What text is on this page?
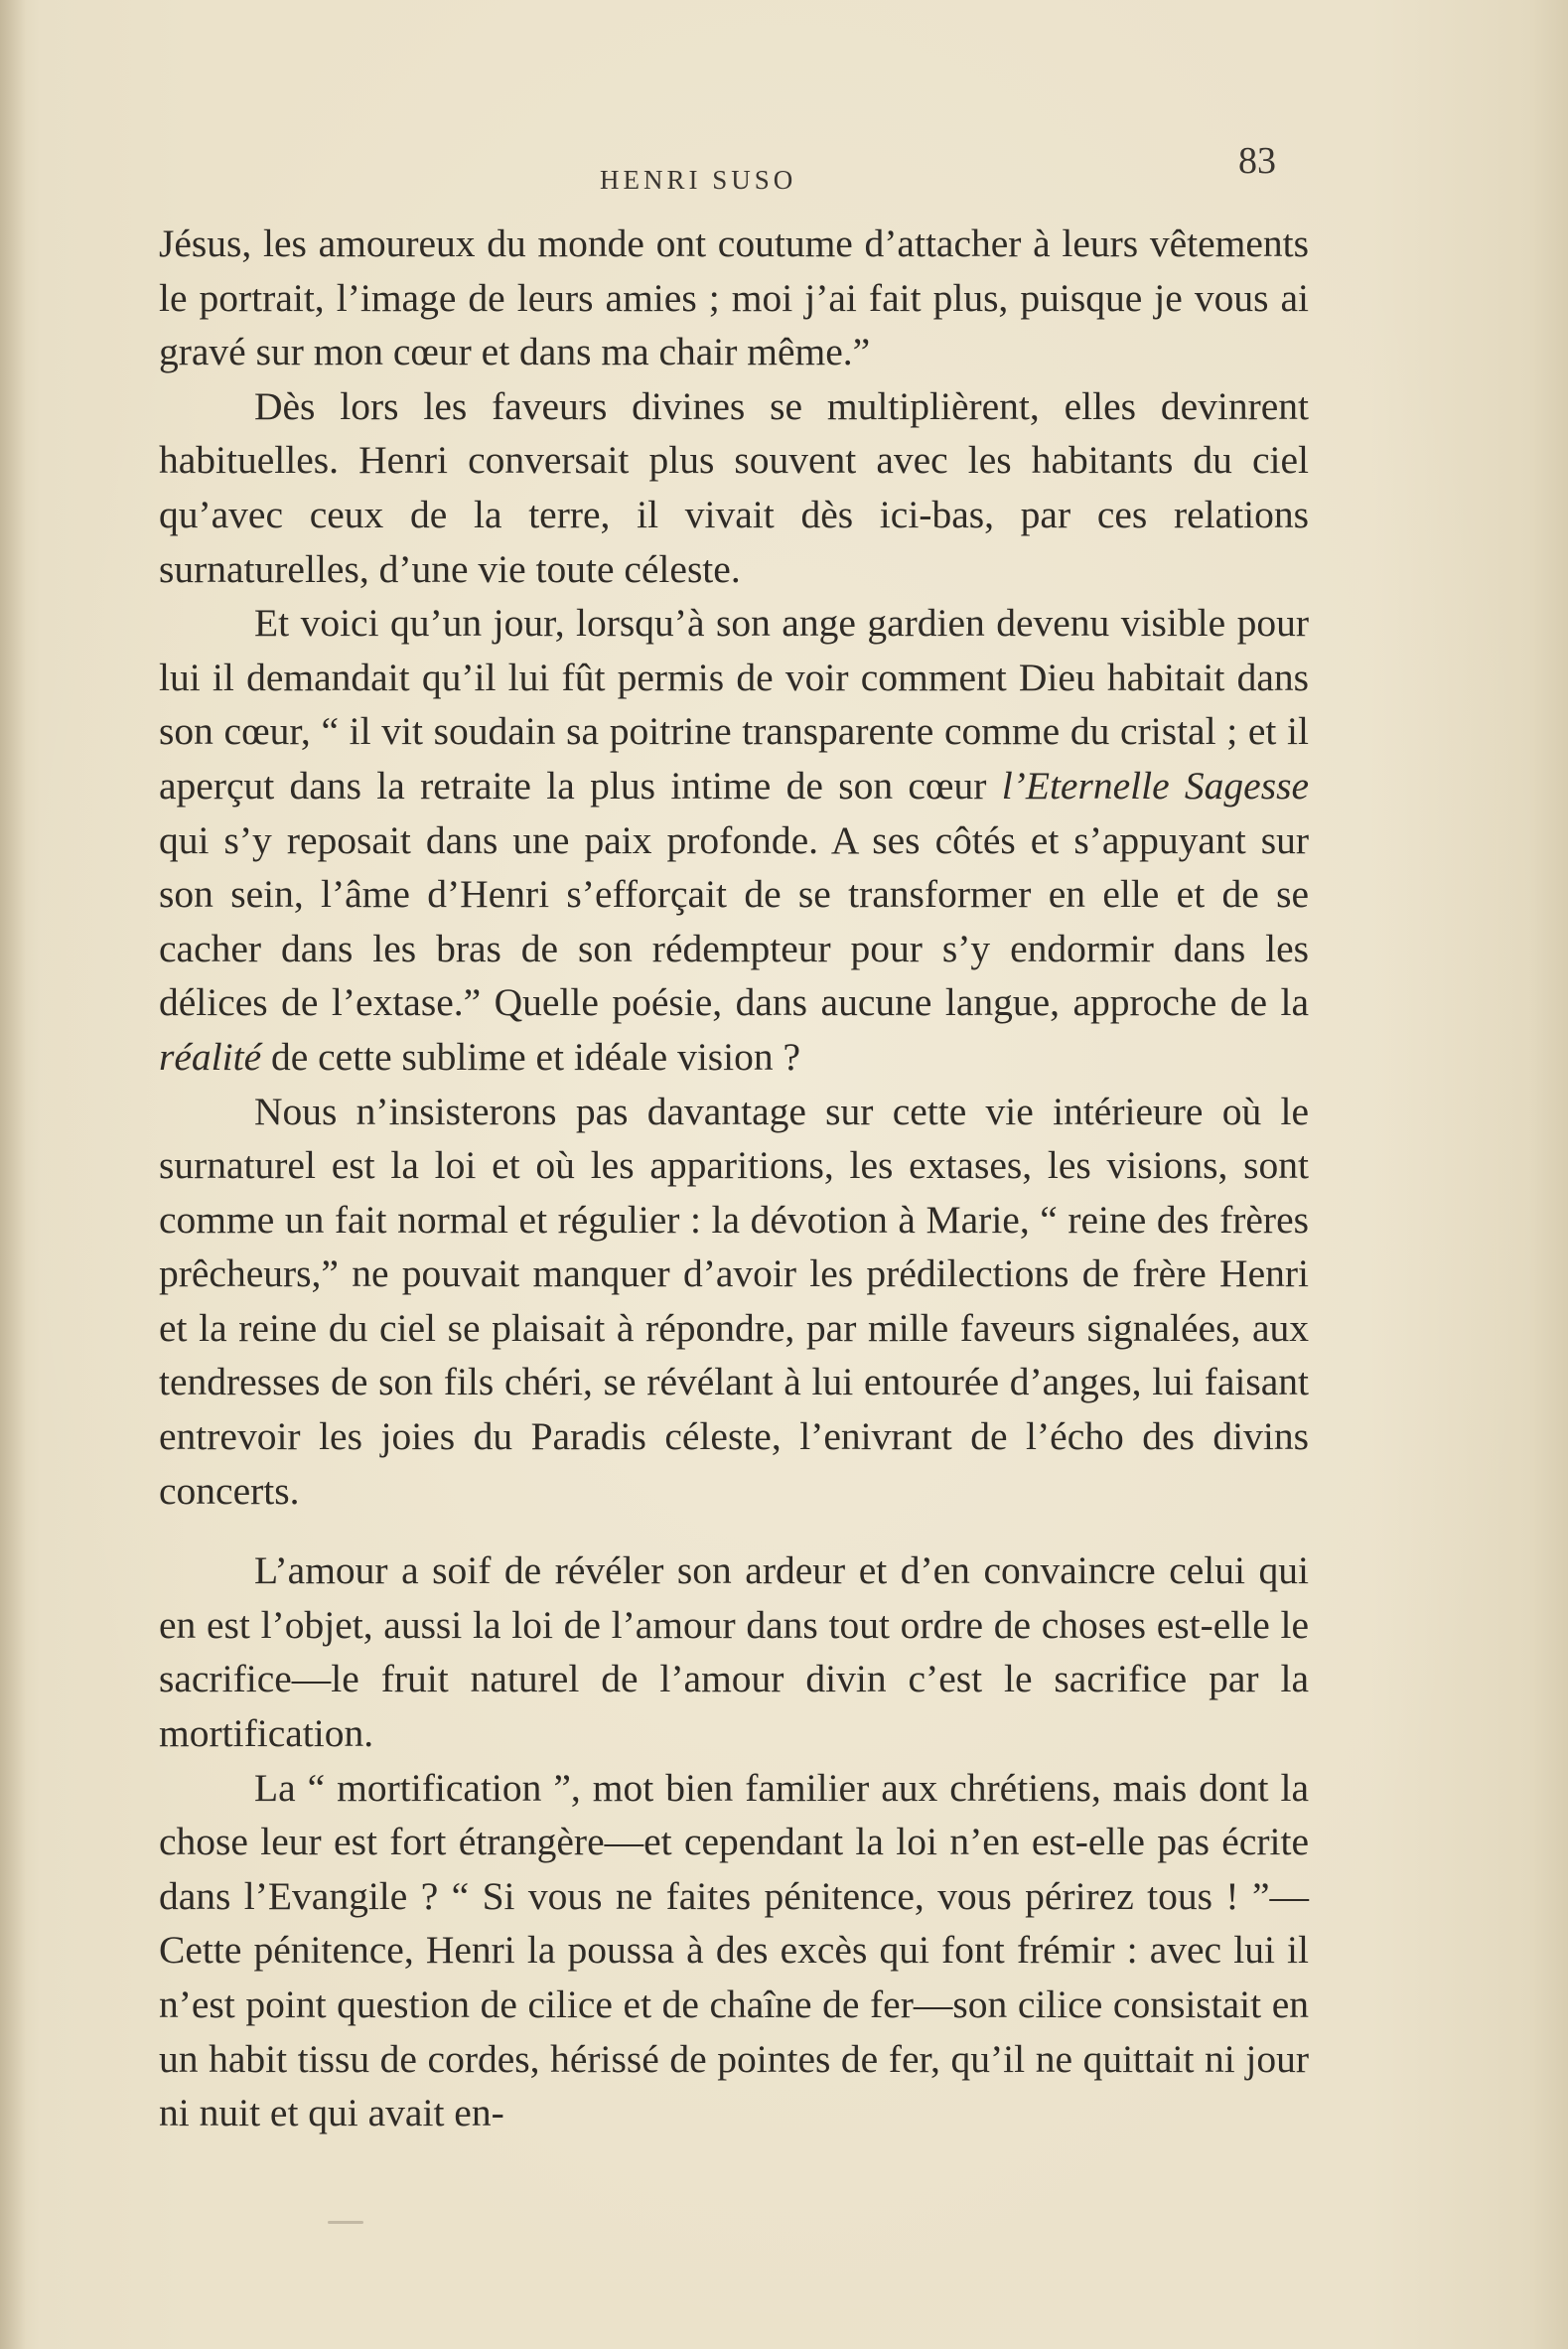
HENRI SUSO	83

Jésus, les amoureux du monde ont coutume d’attacher à leurs vêtements le portrait, l’image de leurs amies ; moi j’ai fait plus, puisque je vous ai gravé sur mon cœur et dans ma chair même.”

Dès lors les faveurs divines se multiplièrent, elles devinrent habituelles. Henri conversait plus souvent avec les habitants du ciel qu’avec ceux de la terre, il vivait dès ici-bas, par ces relations surnaturelles, d’une vie toute céleste.

Et voici qu’un jour, lorsqu’à son ange gardien devenu visible pour lui il demandait qu’il lui fût permis de voir comment Dieu habitait dans son cœur, “ il vit soudain sa poitrine transparente comme du cristal ; et il aperçut dans la retraite la plus intime de son cœur l’Eternelle Sagesse qui s’y reposait dans une paix profonde. A ses côtés et s’appuyant sur son sein, l’âme d’Henri s’efforçait de se transformer en elle et de se cacher dans les bras de son rédempteur pour s’y endormir dans les délices de l’extase.” Quelle poésie, dans aucune langue, approche de la réalité de cette sublime et idéale vision ?

Nous n’insisterons pas davantage sur cette vie intérieure où le surnaturel est la loi et où les apparitions, les extases, les visions, sont comme un fait normal et régulier : la dévotion à Marie, “ reine des frères prêcheurs,” ne pouvait manquer d’avoir les prédilections de frère Henri et la reine du ciel se plaisait à répondre, par mille faveurs signalées, aux tendresses de son fils chéri, se révélant à lui entourée d’anges, lui faisant entrevoir les joies du Paradis céleste, l’enivrant de l’écho des divins concerts.

L’amour a soif de révéler son ardeur et d’en convaincre celui qui en est l’objet, aussi la loi de l’amour dans tout ordre de choses est-elle le sacrifice—le fruit naturel de l’amour divin c’est le sacrifice par la mortification.

La “ mortification ”, mot bien familier aux chrétiens, mais dont la chose leur est fort étrangère—et cependant la loi n’en est-elle pas écrite dans l’Evangile ? “ Si vous ne faites pénitence, vous périrez tous ! ”—Cette pénitence, Henri la poussa à des excès qui font frémir : avec lui il n’est point question de cilice et de chaîne de fer—son cilice consistait en un habit tissu de cordes, hérissé de pointes de fer, qu’il ne quittait ni jour ni nuit et qui avait en-
